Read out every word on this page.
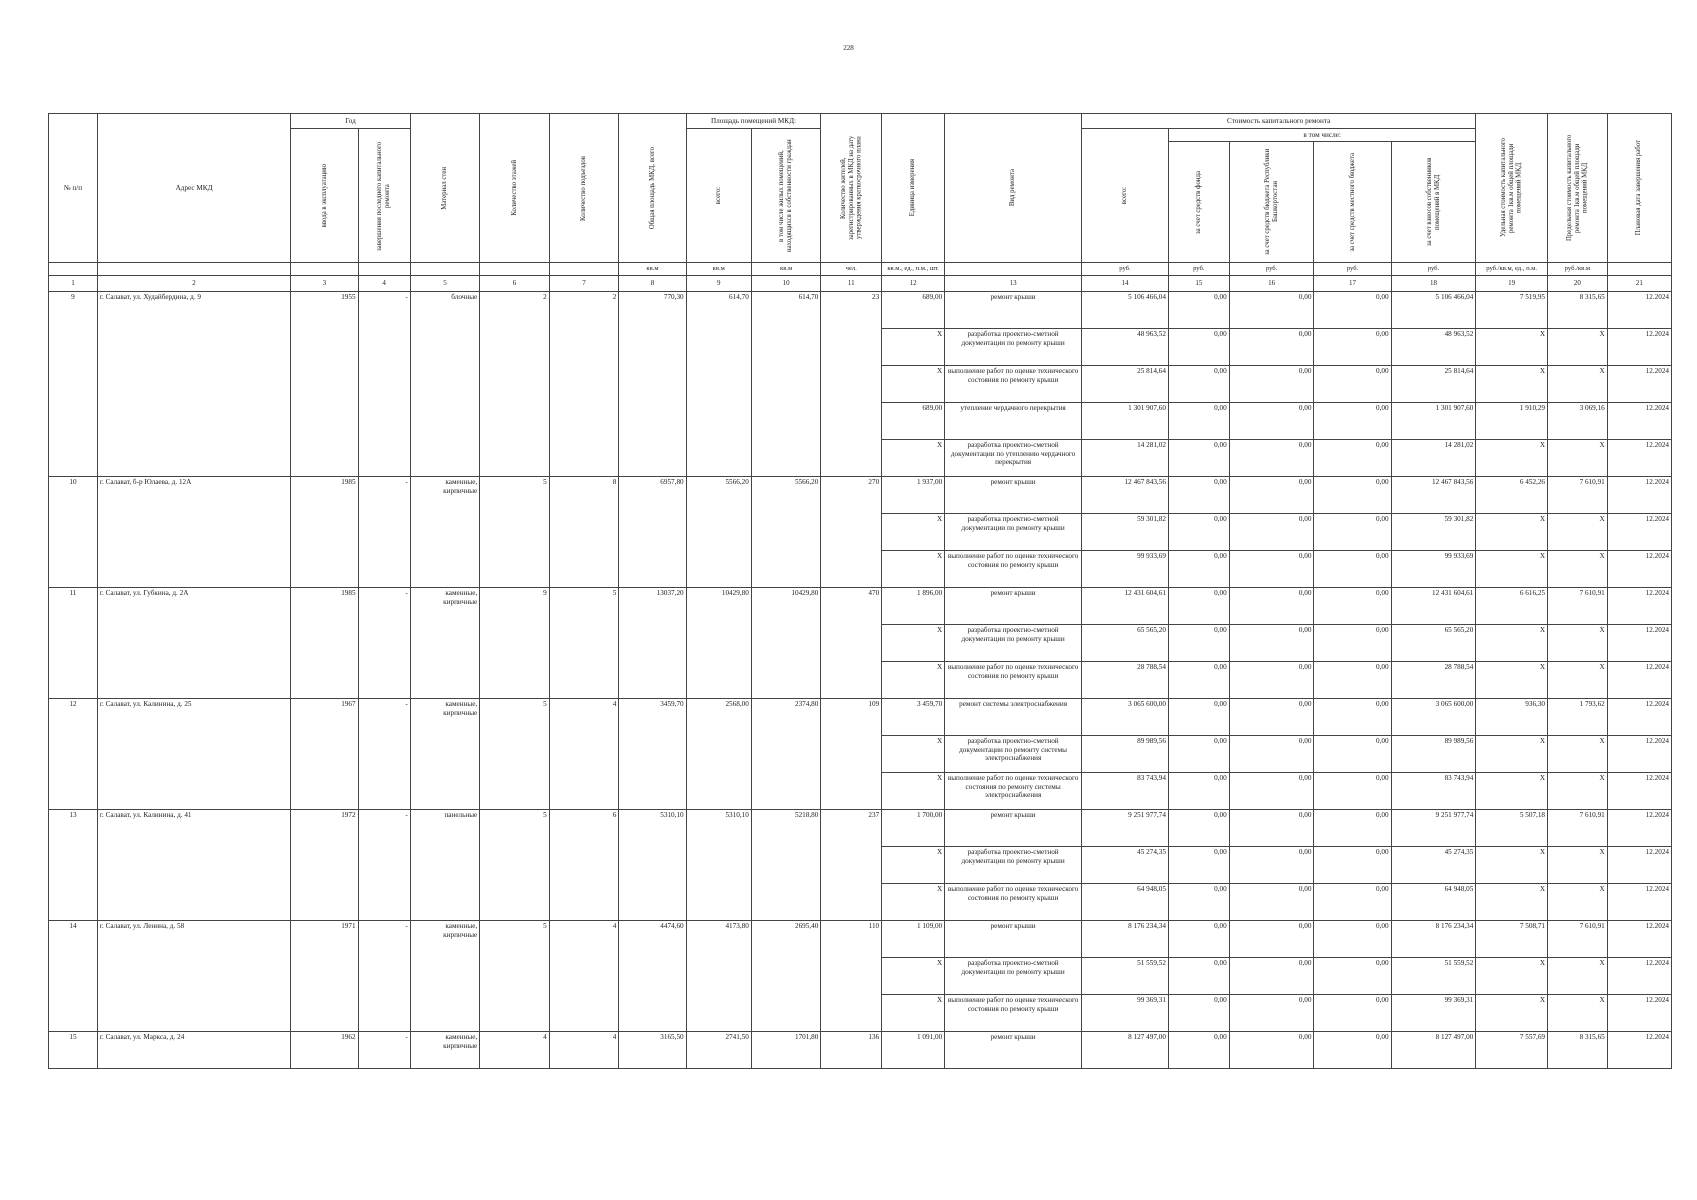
228
№ п/п	Адрес МКД	Год		Материал стен	Количество этажей	Количество подъездов	Общая площадь МКД, всего	Площадь помещений МКД:		Количество жителей, зарегистрированных в МКД на дату утверждения краткосрочного плана	Единица измерения	Вид ремонта	Стоимость капитального ремонта					Удельная стоимость капитального ремонта 1кв.м общей площади помещений МКД	Предельная стоимость капитального ремонта 1кв.м общей площади помещений МКД	Плановая дата завершения работ

		ввода в эксплуатацию	завершения последнего капитального ремонта					всего:	в том числе жилых помещений, находящихся в собственности граждан				всего:	в том числе:						

														за счет средств фонда	за счет средств бюджета Республики Башкортостан	за счет средств местного бюджета	за счет взносов собственников помещений в МКД			

							кв.м	кв.м	кв.м	чел.	кв.м., ед., п.м., шт.		руб.	руб.	руб.	руб.	руб.	руб./кв.м, ед., п.м.	руб./кв.м	
1	2	3	4	5	6	7	8	9	10	11	12	13	14	15	16	17	18	19	20	21
9	г. Салават, ул. Худайбердина, д. 9	1955	-	блочные	2	2	770,30	614,70	614,70	23	689,00	ремонт крыши	5 106 466,04	0,00	0,00	0,00	5 106 466,04	7 519,95	8 315,65	12.2024
											X	разработка проектно-сметной документации по ремонту крыши	48 963,52	0,00	0,00	0,00	48 963,52	X	X	12.2024
											X	выполнение работ по оценке технического состояния по ремонту крыши	25 814,64	0,00	0,00	0,00	25 814,64	X	X	12.2024
											689,00	утепление чердачного перекрытия	1 301 907,60	0,00	0,00	0,00	1 301 907,60	1 910,29	3 069,16	12.2024
											X	разработка проектно-сметной документации по утеплению чердачного перекрытия	14 281,02	0,00	0,00	0,00	14 281,02	X	X	12.2024
10	г. Салават, б-р Юлаева, д. 12А	1985	-	каменные, кирпичные	5	8	6957,80	5566,20	5566,20	270	1 937,00	ремонт крыши	12 467 843,56	0,00	0,00	0,00	12 467 843,56	6 452,26	7 610,91	12.2024
											X	разработка проектно-сметной документации по ремонту крыши	59 301,82	0,00	0,00	0,00	59 301,82	X	X	12.2024
											X	выполнение работ по оценке технического состояния по ремонту крыши	99 933,69	0,00	0,00	0,00	99 933,69	X	X	12.2024
11	г. Салават, ул. Губкина, д. 2А	1985	-	каменные, кирпичные	9	5	13037,20	10429,80	10429,80	470	1 896,00	ремонт крыши	12 431 604,61	0,00	0,00	0,00	12 431 604,61	6 616,25	7 610,91	12.2024
											X	разработка проектно-сметной документации по ремонту крыши	65 565,20	0,00	0,00	0,00	65 565,20	X	X	12.2024
											X	выполнение работ по оценке технического состояния по ремонту крыши	28 788,54	0,00	0,00	0,00	28 788,54	X	X	12.2024
12	г. Салават, ул. Калинина, д. 25	1967	-	каменные, кирпичные	5	4	3459,70	2568,00	2374,80	109	3 459,70	ремонт системы электроснабжения	3 065 600,00	0,00	0,00	0,00	3 065 600,00	936,30	1 793,62	12.2024
											X	разработка проектно-сметной документации по ремонту системы электроснабжения	89 989,56	0,00	0,00	0,00	89 989,56	X	X	12.2024
											X	выполнение работ по оценке технического состояния по ремонту системы электроснабжения	83 743,94	0,00	0,00	0,00	83 743,94	X	X	12.2024
13	г. Салават, ул. Калинина, д. 41	1972	-	панельные	5	6	5310,10	5310,10	5218,80	237	1 700,00	ремонт крыши	9 251 977,74	0,00	0,00	0,00	9 251 977,74	5 507,18	7 610,91	12.2024
											X	разработка проектно-сметной документации по ремонту крыши	45 274,35	0,00	0,00	0,00	45 274,35	X	X	12.2024
											X	выполнение работ по оценке технического состояния по ремонту крыши	64 948,05	0,00	0,00	0,00	64 948,05	X	X	12.2024
14	г. Салават, ул. Ленина, д. 58	1971	-	каменные, кирпичные	5	4	4474,60	4173,80	2695,40	110	1 109,00	ремонт крыши	8 176 234,34	0,00	0,00	0,00	8 176 234,34	7 508,71	7 610,91	12.2024
											X	разработка проектно-сметной документации по ремонту крыши	51 559,52	0,00	0,00	0,00	51 559,52	X	X	12.2024
											X	выполнение работ по оценке технического состояния по ремонту крыши	99 369,31	0,00	0,00	0,00	99 369,31	X	X	12.2024
15	г. Салават, ул. Маркса, д. 24	1962	-	каменные, кирпичные	4	4	3165,50	2741,50	1701,80	136	1 091,00	ремонт крыши	8 127 497,00	0,00	0,00	0,00	8 127 497,00	7 557,69	8 315,65	12.2024
